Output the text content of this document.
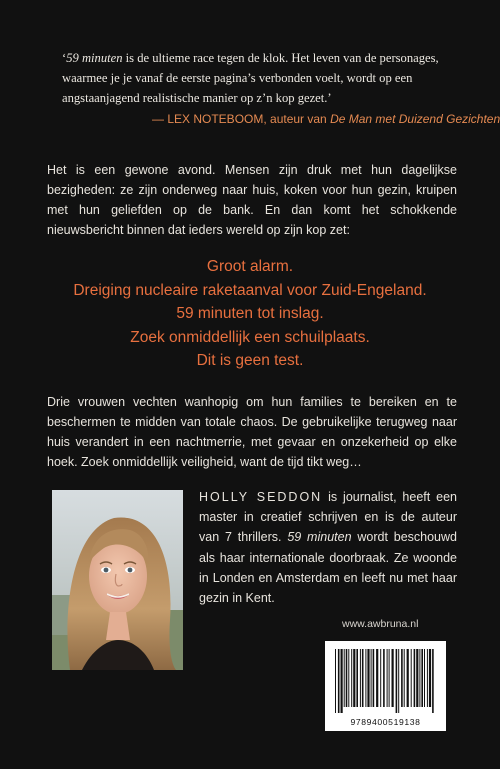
‘59 minuten is de ultieme race tegen de klok. Het leven van de personages, waarmee je je vanaf de eerste pagina’s verbonden voelt, wordt op een angstaanjagend realistische manier op z’n kop gezet.’
— LEX NOTEBOOM, auteur van De Man met Duizend Gezichten
Het is een gewone avond. Mensen zijn druk met hun dagelijkse bezigheden: ze zijn onderweg naar huis, koken voor hun gezin, kruipen met hun geliefden op de bank. En dan komt het schokkende nieuwsbericht binnen dat ieders wereld op zijn kop zet:
Groot alarm.
Dreiging nucleaire raketaanval voor Zuid-Engeland.
59 minuten tot inslag.
Zoek onmiddellijk een schuilplaats.
Dit is geen test.
Drie vrouwen vechten wanhopig om hun families te bereiken en te beschermen te midden van totale chaos. De gebruikelijke terugweg naar huis verandert in een nachtmerrie, met gevaar en onzekerheid op elke hoek. Zoek onmiddellijk veiligheid, want de tijd tikt weg…
HOLLY SEDDON is journalist, heeft een master in creatief schrijven en is de auteur van 7 thrillers. 59 minuten wordt beschouwd als haar internationale doorbraak. Ze woonde in Londen en Amsterdam en leeft nu met haar gezin in Kent.
www.awbruna.nl
9789400519138
